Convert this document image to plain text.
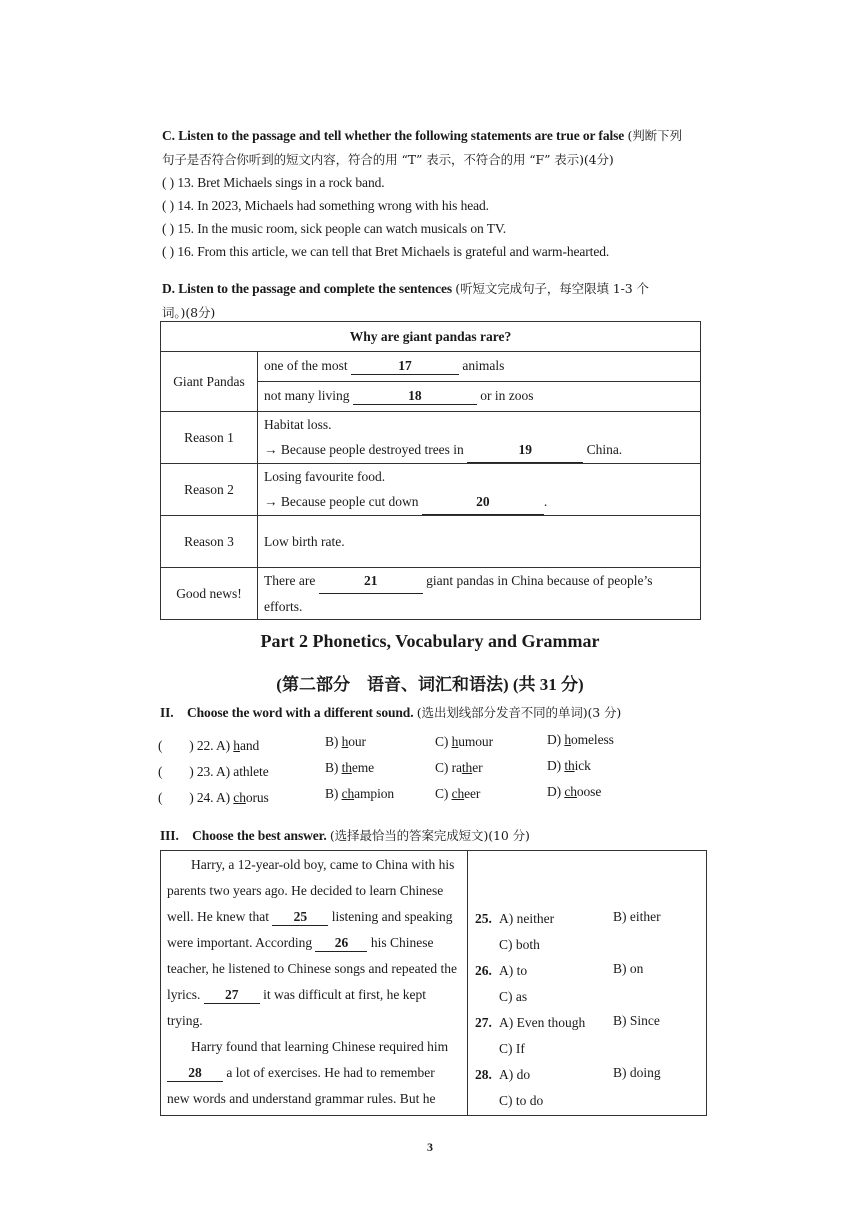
C. Listen to the passage and tell whether the following statements are true or false (判断下列
句子是否符合你听到的短文内容，符合的用 “T” 表示，不符合的用 “F” 表示)(4分)
( ) 13. Bret Michaels sings in a rock band.
( ) 14. In 2023, Michaels had something wrong with his head.
( ) 15. In the music room, sick people can watch musicals on TV.
( ) 16. From this article, we can tell that Bret Michaels is grateful and warm-hearted.
D. Listen to the passage and complete the sentences (听短文完成句子，每空限填 1-3 个
词。)(8分)
Why are giant pandas rare?	
Giant Pandas	one of the most 17 animals
	not many living 18 or in zoos
Reason 1	Habitat loss.
→ Because people destroyed trees in 19 China.

Reason 2	Losing favourite food.
→ Because people cut down 20 .

Reason 3	Low birth rate.
Good news!	There are 21 giant pandas in China because of people’s
efforts.
Part 2 Phonetics, Vocabulary and Grammar
(第二部分　语音、词汇和语法) (共 31 分)
II.　Choose the word with a different sound. (选出划线部分发音不同的单词)(3 分)
(　　) 22. A) hand	B) hour	C) humour	D) homeless
(　　) 23. A) athlete	B) theme	C) rather	D) thick
(　　) 24. A) chorus	B) champion	C) cheer	D) choose
III.　Choose the best answer. (选择最恰当的答案完成短文)(10 分)
Harry, a 12-year-old boy, came to China with his
parents two years ago. He decided to learn Chinese
well. He knew that 25 listening and speaking
were important. According 26 his Chinese
teacher, he listened to Chinese songs and repeated the
lyrics. 27 it was difficult at first, he kept
trying.
Harry found that learning Chinese required him
28 a lot of exercises. He had to remember
new words and understand grammar rules. But he
25. A) neither	B) either
C) both
26. A) to	B) on
C) as
27. A) Even though B) Since
C) If
28. A) do	B) doing
C) to do
3
